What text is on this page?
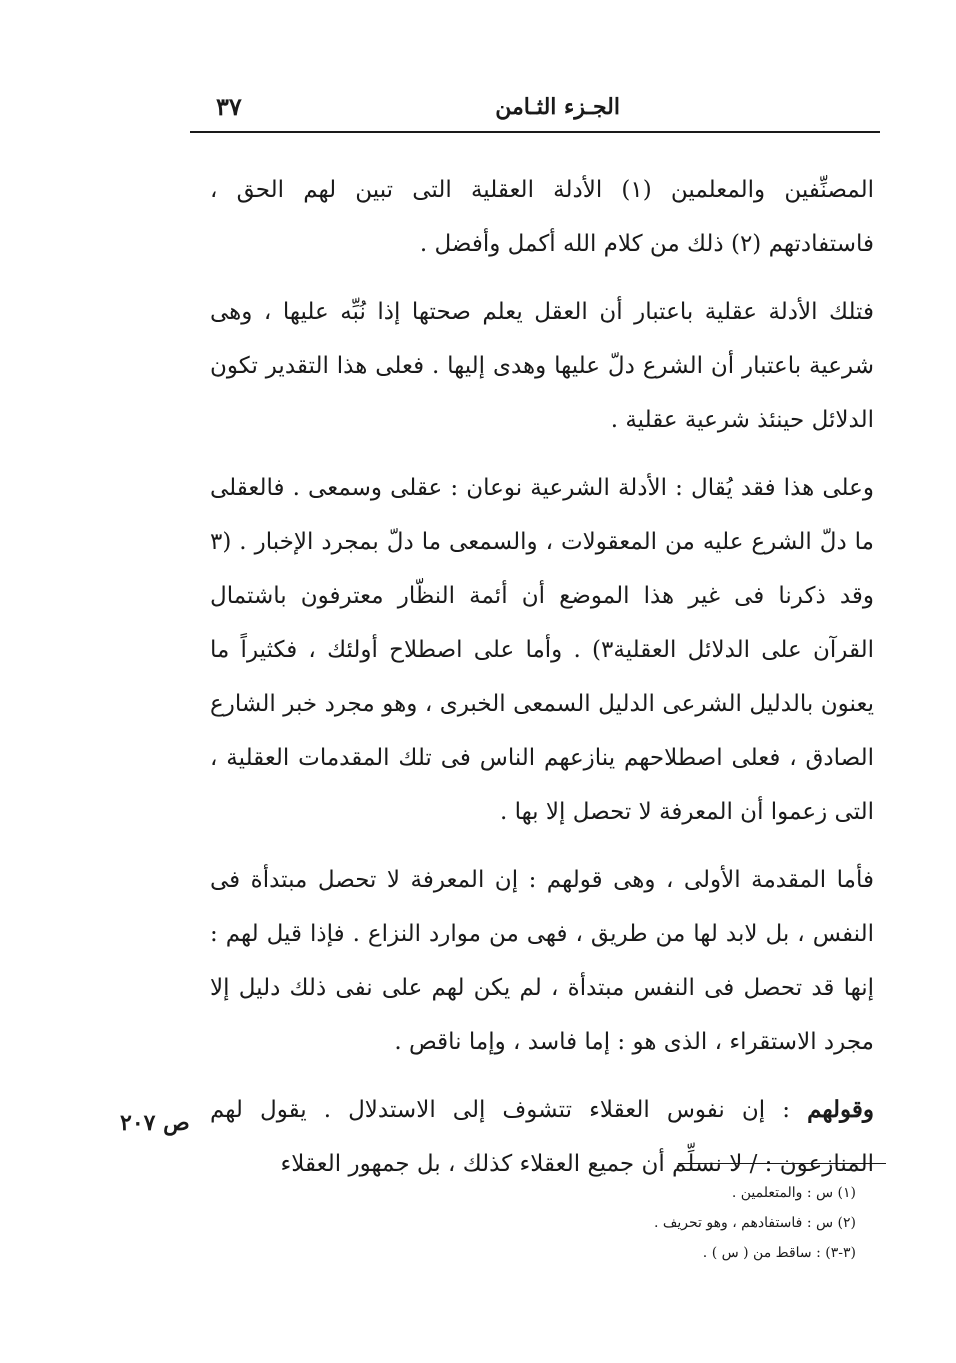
الجـزء الثـامن
٣٧

المصنِّفين والمعلمين (١) الأدلة العقلية التى تبين لهم الحق ، فاستفادتهم (٢) ذلك من كلام الله أكمل وأفضل .

فتلك الأدلة عقلية باعتبار أن العقل يعلم صحتها إذا نُبِّه عليها ، وهى شرعية باعتبار أن الشرع دلّ عليها وهدى إليها . فعلى هذا التقدير تكون الدلائل حينئذ شرعية عقلية .

وعلى هذا فقد يُقال : الأدلة الشرعية نوعان : عقلى وسمعى . فالعقلى ما دلّ الشرع عليه من المعقولات ، والسمعى ما دلّ بمجرد الإخبار . (٣ وقد ذكرنا فى غير هذا الموضع أن أئمة النظّار معترفون باشتمال القرآن على الدلائل العقلية٣) . وأما على اصطلاح أولئك ، فكثيراً ما يعنون بالدليل الشرعى الدليل السمعى الخبرى ، وهو مجرد خبر الشارع الصادق ، فعلى اصطلاحهم ينازعهم الناس فى تلك المقدمات العقلية ، التى زعموا أن المعرفة لا تحصل إلا بها .

فأما المقدمة الأولى ، وهى قولهم : إن المعرفة لا تحصل مبتدأة فى النفس ، بل لابد لها من طريق ، فهى من موارد النزاع . فإذا قيل لهم : إنها قد تحصل فى النفس مبتدأة ، لم يكن لهم على نفى ذلك دليل إلا مجرد الاستقراء ، الذى هو : إما فاسد ، وإما ناقص .

وقولهم : إن نفوس العقلاء تتشوف إلى الاستدلال . يقول لهم المنازعون : / لا نسلِّم أن جميع العقلاء كذلك ، بل جمهور العقلاء

ص ٢٠٧
(١) س : والمتعلمين .
(٢) س : فاستفادهم ، وهو تحريف .
(٣-٣) : ساقط من ( س ) .
